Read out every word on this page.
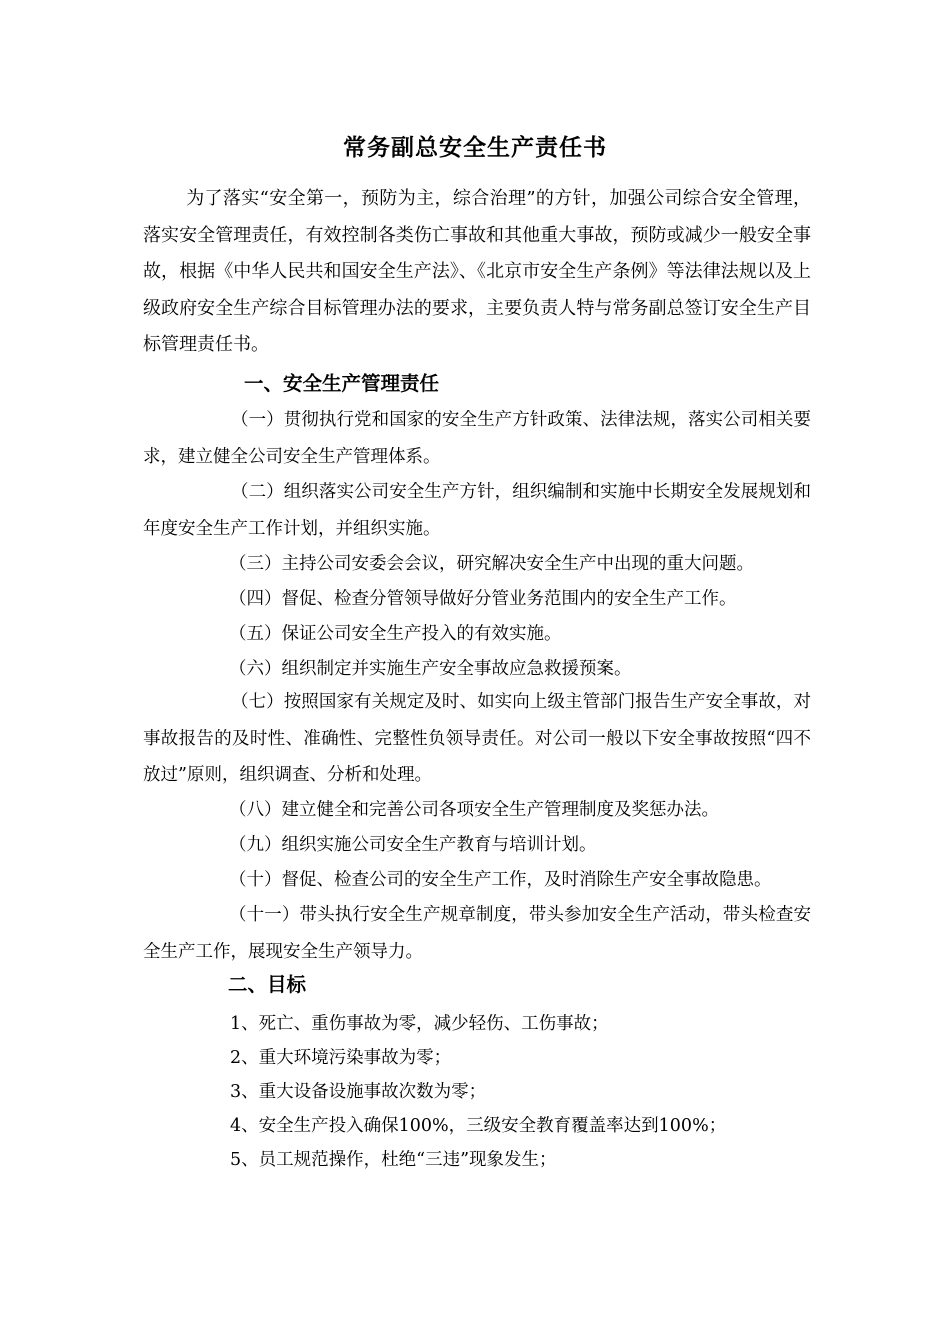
常务副总安全生产责任书

为了落实“安全第一，预防为主，综合治理”的方针，加强公司综合安全管理，落实安全管理责任，有效控制各类伤亡事故和其他重大事故，预防或减少一般安全事故，根据《中华人民共和国安全生产法》、《北京市安全生产条例》等法律法规以及上级政府安全生产综合目标管理办法的要求，主要负责人特与常务副总签订安全生产目标管理责任书。

一、安全生产管理责任

（一）贯彻执行党和国家的安全生产方针政策、法律法规，落实公司相关要求，建立健全公司安全生产管理体系。

（二）组织落实公司安全生产方针，组织编制和实施中长期安全发展规划和年度安全生产工作计划，并组织实施。

（三）主持公司安委会会议，研究解决安全生产中出现的重大问题。

（四）督促、检查分管领导做好分管业务范围内的安全生产工作。

（五）保证公司安全生产投入的有效实施。

（六）组织制定并实施生产安全事故应急救援预案。

（七）按照国家有关规定及时、如实向上级主管部门报告生产安全事故，对事故报告的及时性、准确性、完整性负领导责任。对公司一般以下安全事故按照“四不放过”原则，组织调查、分析和处理。

（八）建立健全和完善公司各项安全生产管理制度及奖惩办法。

（九）组织实施公司安全生产教育与培训计划。

（十）督促、检查公司的安全生产工作，及时消除生产安全事故隐患。

（十一）带头执行安全生产规章制度，带头参加安全生产活动，带头检查安全生产工作，展现安全生产领导力。

二、目标

1、死亡、重伤事故为零，减少轻伤、工伤事故；

2、重大环境污染事故为零；

3、重大设备设施事故次数为零；

4、安全生产投入确保100%，三级安全教育覆盖率达到100%；

5、员工规范操作，杜绝“三违”现象发生；
